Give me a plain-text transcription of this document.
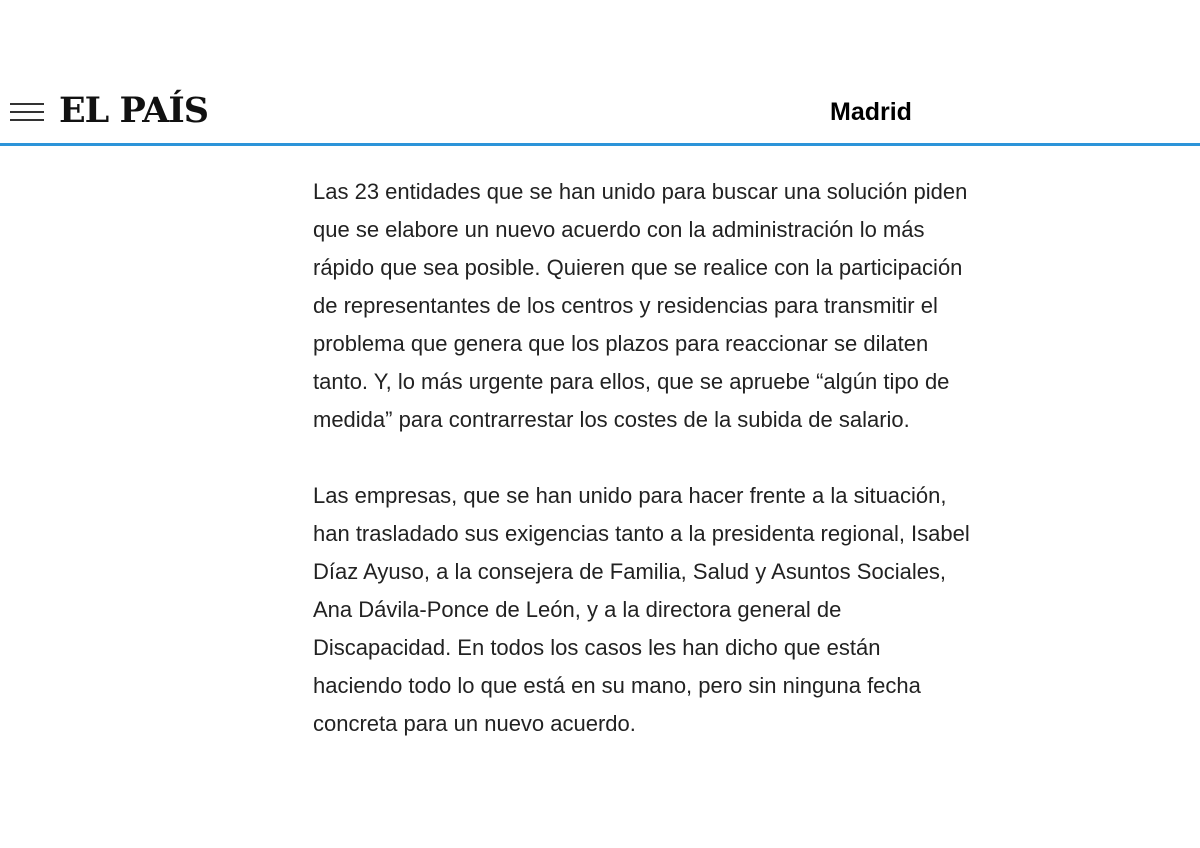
EL PAÍS	Madrid

Las 23 entidades que se han unido para buscar una solución piden
que se elabore un nuevo acuerdo con la administración lo más
rápido que sea posible. Quieren que se realice con la participación
de representantes de los centros y residencias para transmitir el
problema que genera que los plazos para reaccionar se dilaten
tanto. Y, lo más urgente para ellos, que se apruebe “algún tipo de
medida” para contrarrestar los costes de la subida de salario.

Las empresas, que se han unido para hacer frente a la situación,
han trasladado sus exigencias tanto a la presidenta regional, Isabel
Díaz Ayuso, a la consejera de Familia, Salud y Asuntos Sociales,
Ana Dávila-Ponce de León, y a la directora general de
Discapacidad. En todos los casos les han dicho que están
haciendo todo lo que está en su mano, pero sin ninguna fecha
concreta para un nuevo acuerdo.
